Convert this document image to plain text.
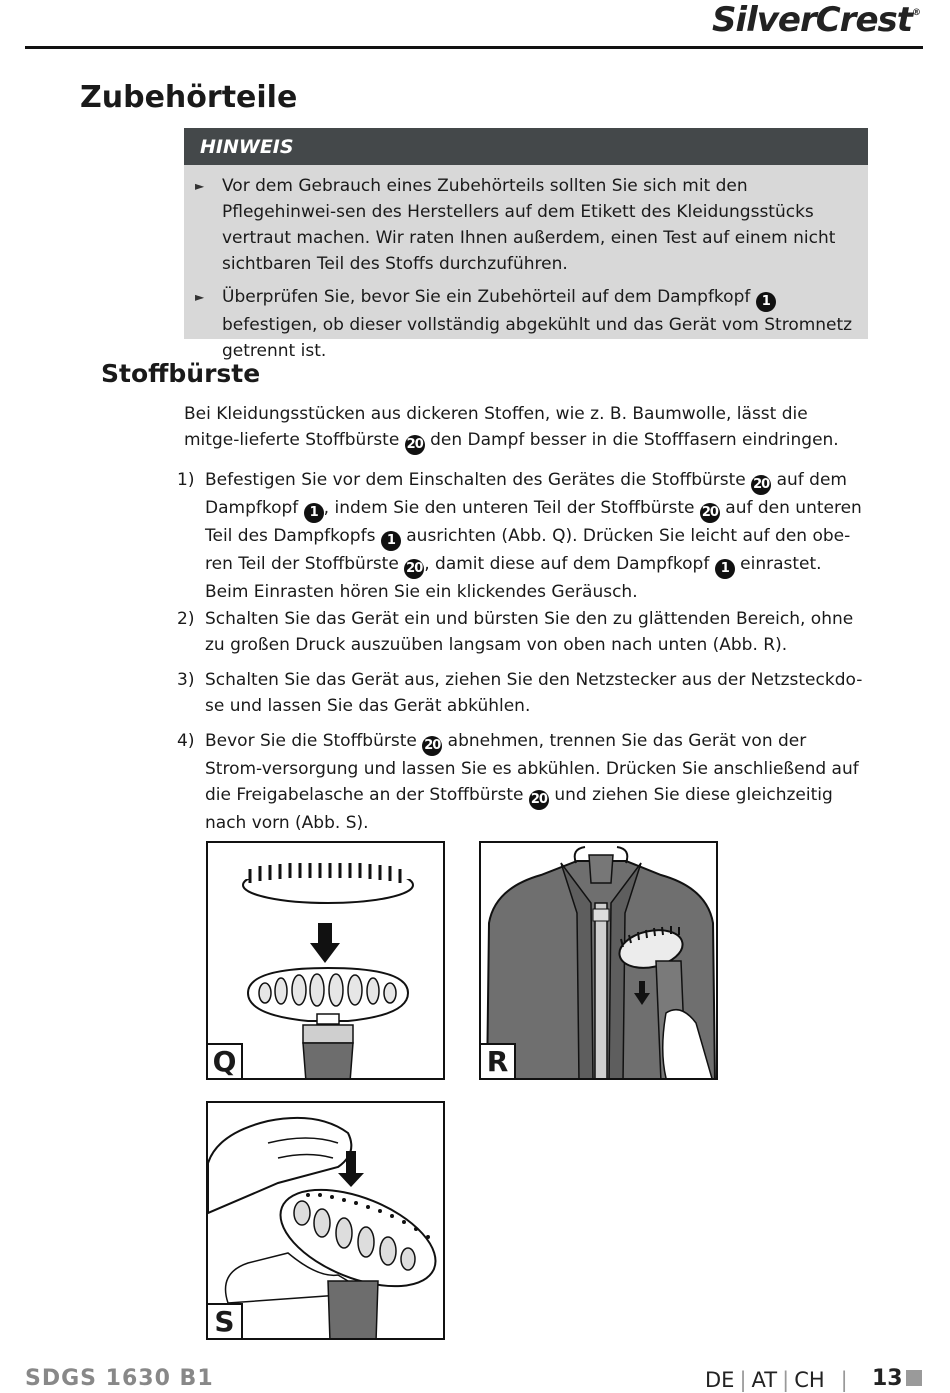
SilverCrest®
Zubehörteile
HINWEIS
► Vor dem Gebrauch eines Zubehörteils sollten Sie sich mit den Pflegehinwei-sen des Herstellers auf dem Etikett des Kleidungsstücks vertraut machen. Wir raten Ihnen außerdem, einen Test auf einem nicht sichtbaren Teil des Stoffs durchzuführen.
► Überprüfen Sie, bevor Sie ein Zubehörteil auf dem Dampfkopf 1 befestigen, ob dieser vollständig abgekühlt und das Gerät vom Stromnetz getrennt ist.
Stoffbürste
Bei Kleidungsstücken aus dickeren Stoffen, wie z. B. Baumwolle, lässt die mitge-lieferte Stoffbürste 20 den Dampf besser in die Stofffasern eindringen.
1) Befestigen Sie vor dem Einschalten des Gerätes die Stoffbürste 20 auf dem Dampfkopf 1 , indem Sie den unteren Teil der Stoffbürste 20 auf den unteren Teil des Dampfkopfs 1 ausrichten (Abb. Q). Drücken Sie leicht auf den obe-ren Teil der Stoffbürste 20 , damit diese auf dem Dampfkopf 1 einrastet. Beim Einrasten hören Sie ein klickendes Geräusch.
2) Schalten Sie das Gerät ein und bürsten Sie den zu glättenden Bereich, ohne zu großen Druck auszuüben langsam von oben nach unten (Abb. R).
3) Schalten Sie das Gerät aus, ziehen Sie den Netzstecker aus der Netzsteckdo-se und lassen Sie das Gerät abkühlen.
4) Bevor Sie die Stoffbürste 20 abnehmen, trennen Sie das Gerät von der Strom-versorgung und lassen Sie es abkühlen. Drücken Sie anschließend auf die Freigabelasche an der Stoffbürste 20 und ziehen Sie diese gleichzeitig nach vorn (Abb. S).
Q	R
S
SDGS 1630 B1	DE | AT | CH | 13
